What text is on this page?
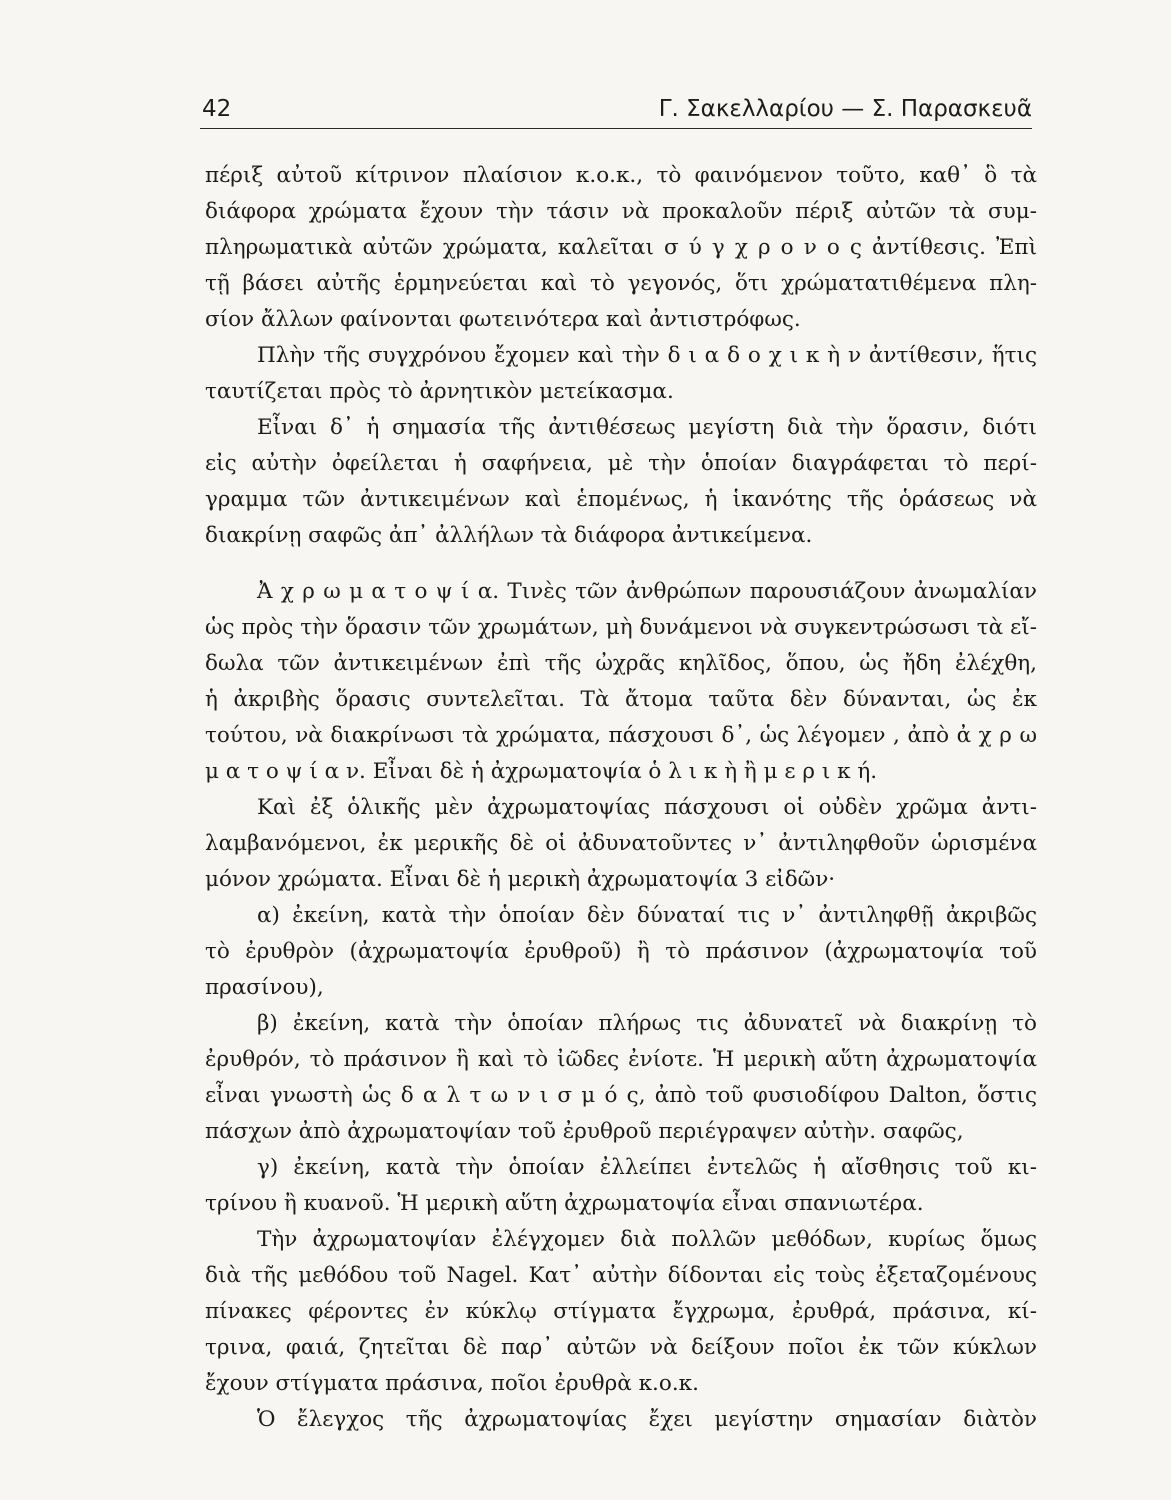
42	Γ. Σακελλαρίου — Σ. Παρασκευᾶ
πέριξ αὐτοῦ κίτρινον πλαίσιον κ.ο.κ., τὸ φαινόμενον τοῦτο, καθ᾿ ὃ τὰ
διάφορα χρώματα ἔχουν τὴν τάσιν νὰ προκαλοῦν πέριξ αὐτῶν τὰ συμ-
πληρωματικὰ αὐτῶν χρώματα, καλεῖται σ ύ γ χ ρ ο ν ο ς ἀντίθεσις. Ἐπὶ
τῇ βάσει αὐτῆς ἑρμηνεύεται καὶ τὸ γεγονός, ὅτι χρώματατιθέμενα πλη-
σίον ἄλλων φαίνονται φωτεινότερα καὶ ἀντιστρόφως.
Πλὴν τῆς συγχρόνου ἔχομεν καὶ τὴν δ ι α δ ο χ ι κ ὴ ν ἀντίθεσιν, ἥτις
ταυτίζεται πρὸς τὸ ἀρνητικὸν μετείκασμα.
Εἶναι δ᾿ ἡ σημασία τῆς ἀντιθέσεως μεγίστη διὰ τὴν ὅρασιν, διότι
εἰς αὐτὴν ὀφείλεται ἡ σαφήνεια, μὲ τὴν ὁποίαν διαγράφεται τὸ περί-
γραμμα τῶν ἀντικειμένων καὶ ἑπομένως, ἡ ἱκανότης τῆς ὁράσεως νὰ
διακρίνῃ σαφῶς ἀπ᾿ ἀλλήλων τὰ διάφορα ἀντικείμενα.
Ἀ χ ρ ω μ α τ ο ψ ί α. Τινὲς τῶν ἀνθρώπων παρουσιάζουν ἀνωμαλίαν
ὡς πρὸς τὴν ὅρασιν τῶν χρωμάτων, μὴ δυνάμενοι νὰ συγκεντρώσωσι τὰ εἴ-
δωλα τῶν ἀντικειμένων ἐπὶ τῆς ὠχρᾶς κηλῖδος, ὅπου, ὡς ἤδη ἐλέχθη,
ἡ ἀκριβὴς ὅρασις συντελεῖται. Τὰ ἄτομα ταῦτα δὲν δύνανται, ὡς ἐκ
τούτου, νὰ διακρίνωσι τὰ χρώματα, πάσχουσι δ᾿, ὡς λέγομεν , ἀπὸ ἀ χ ρ ω
μ α τ ο ψ ί α ν. Εἶναι δὲ ἡ ἀχρωματοψία ὁ λ ι κ ὴ ἢ μ ε ρ ι κ ή.
Καὶ ἐξ ὁλικῆς μὲν ἀχρωματοψίας πάσχουσι οἱ οὐδὲν χρῶμα ἀντι-
λαμβανόμενοι, ἐκ μερικῆς δὲ οἱ ἀδυνατοῦντες ν᾿ ἀντιληφθοῦν ὡρισμένα
μόνον χρώματα. Εἶναι δὲ ἡ μερικὴ ἀχρωματοψία 3 εἰδῶν·
α) ἐκείνη, κατὰ τὴν ὁποίαν δὲν δύναταί τις ν᾿ ἀντιληφθῇ ἀκριβῶς
τὸ ἐρυθρὸν (ἀχρωματοψία ἐρυθροῦ) ἢ τὸ πράσινον (ἀχρωματοψία τοῦ
πρασίνου),
β) ἐκείνη, κατὰ τὴν ὁποίαν πλήρως τις ἀδυνατεῖ νὰ διακρίνῃ τὸ
ἐρυθρόν, τὸ πράσινον ἢ καὶ τὸ ἰῶδες ἐνίοτε. Ἡ μερικὴ αὕτη ἀχρωματοψία
εἶναι γνωστὴ ὡς δ α λ τ ω ν ι σ μ ό ς, ἀπὸ τοῦ φυσιοδίφου Dalton, ὅστις
πάσχων ἀπὸ ἀχρωματοψίαν τοῦ ἐρυθροῦ περιέγραψεν αὐτὴν. σαφῶς,
γ) ἐκείνη, κατὰ τὴν ὁποίαν ἐλλείπει ἐντελῶς ἡ αἴσθησις τοῦ κι-
τρίνου ἢ κυανοῦ. Ἡ μερικὴ αὕτη ἀχρωματοψία εἶναι σπανιωτέρα.
Τὴν ἀχρωματοψίαν ἐλέγχομεν διὰ πολλῶν μεθόδων, κυρίως ὅμως
διὰ τῆς μεθόδου τοῦ Nagel. Κατ᾿ αὐτὴν δίδονται εἰς τοὺς ἐξεταζομένους
πίνακες φέροντες ἐν κύκλῳ στίγματα ἔγχρωμα, ἐρυθρά, πράσινα, κί-
τρινα, φαιά, ζητεῖται δὲ παρ᾿ αὐτῶν νὰ δείξουν ποῖοι ἐκ τῶν κύκλων
ἔχουν στίγματα πράσινα, ποῖοι ἐρυθρὰ κ.ο.κ.
Ὁ ἔλεγχος τῆς ἀχρωματοψίας ἔχει μεγίστην σημασίαν διὰτὸν
